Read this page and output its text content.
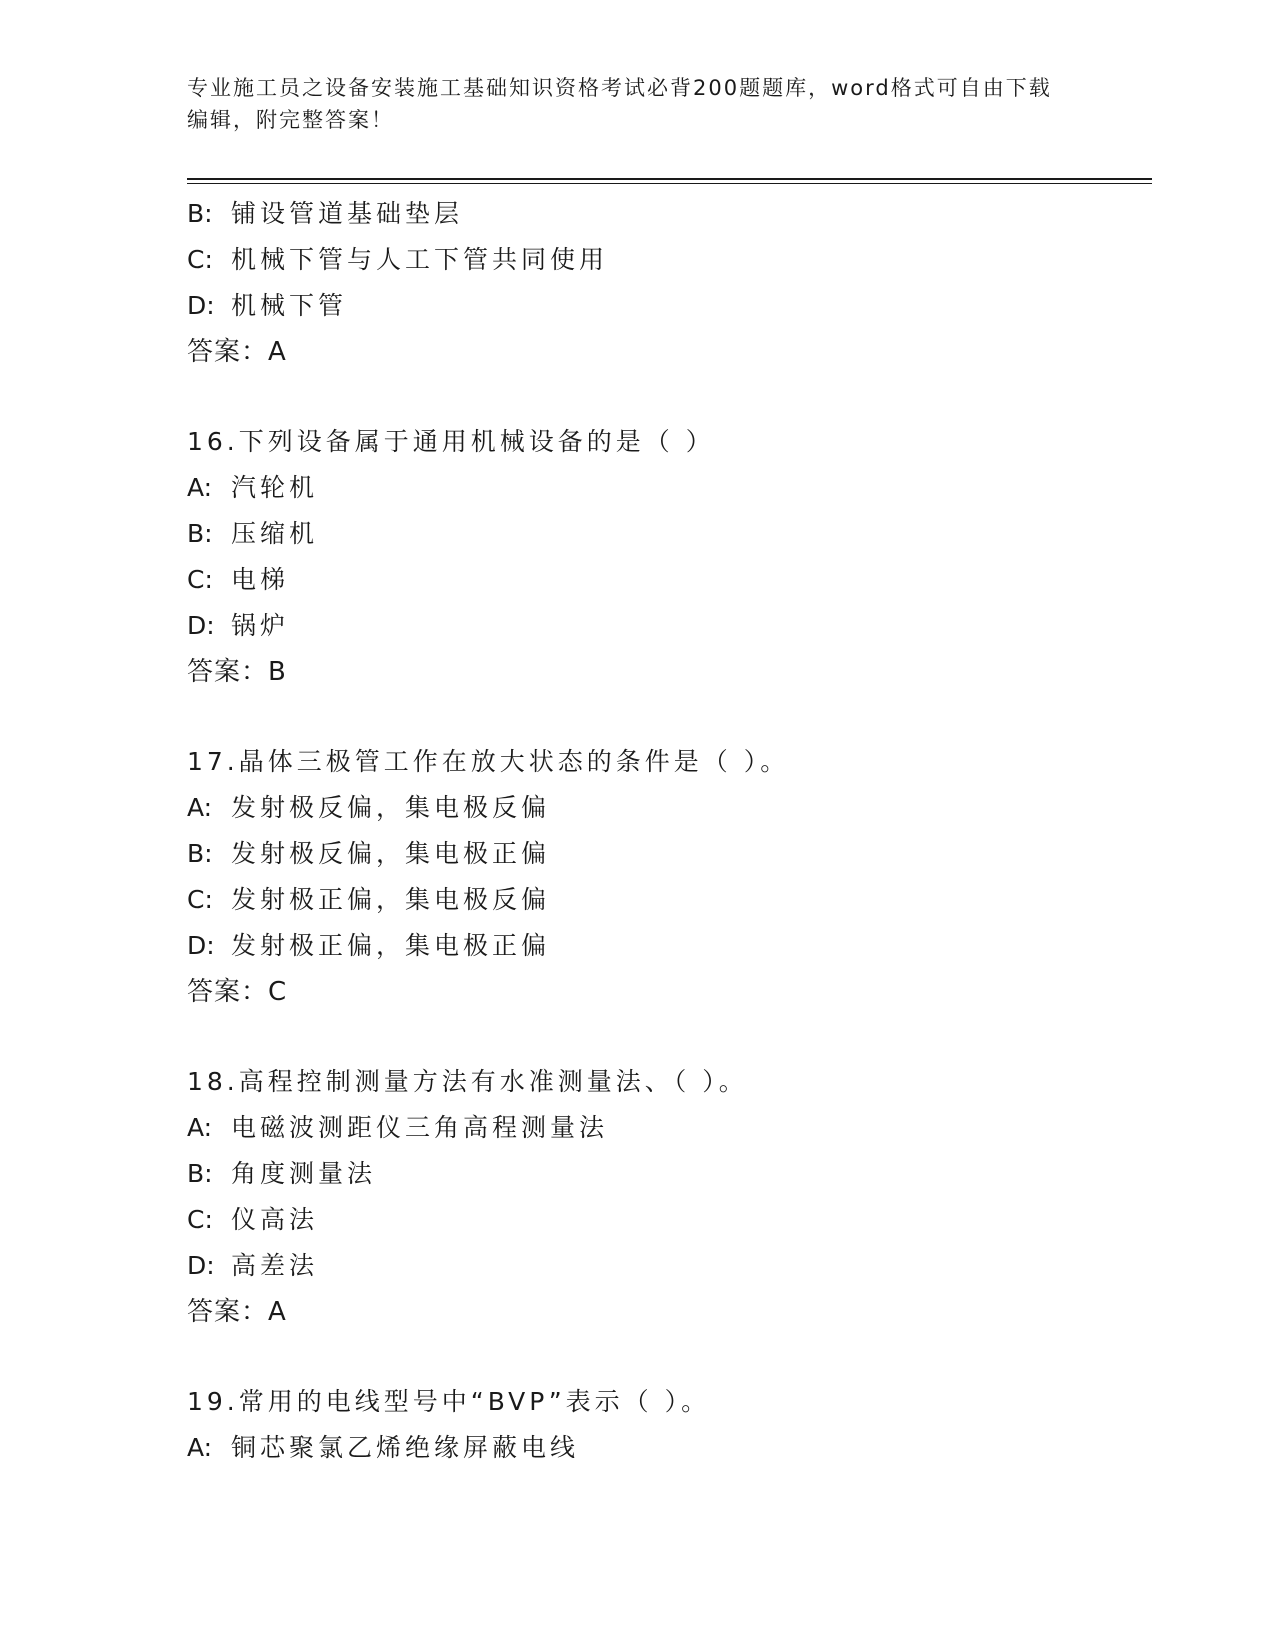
专业施工员之设备安装施工基础知识资格考试必背200题题库，word格式可自由下载编辑，附完整答案！
B: 铺设管道基础垫层
C: 机械下管与人工下管共同使用
D: 机械下管
答案：A
16.下列设备属于通用机械设备的是（ ）
A: 汽轮机
B: 压缩机
C: 电梯
D: 锅炉
答案：B
17.晶体三极管工作在放大状态的条件是（ ）。
A: 发射极反偏，集电极反偏
B: 发射极反偏，集电极正偏
C: 发射极正偏，集电极反偏
D: 发射极正偏，集电极正偏
答案：C
18.高程控制测量方法有水准测量法、（ ）。
A: 电磁波测距仪三角高程测量法
B: 角度测量法
C: 仪高法
D: 高差法
答案：A
19.常用的电线型号中“BVP”表示（ ）。
A: 铜芯聚氯乙烯绝缘屏蔽电线
